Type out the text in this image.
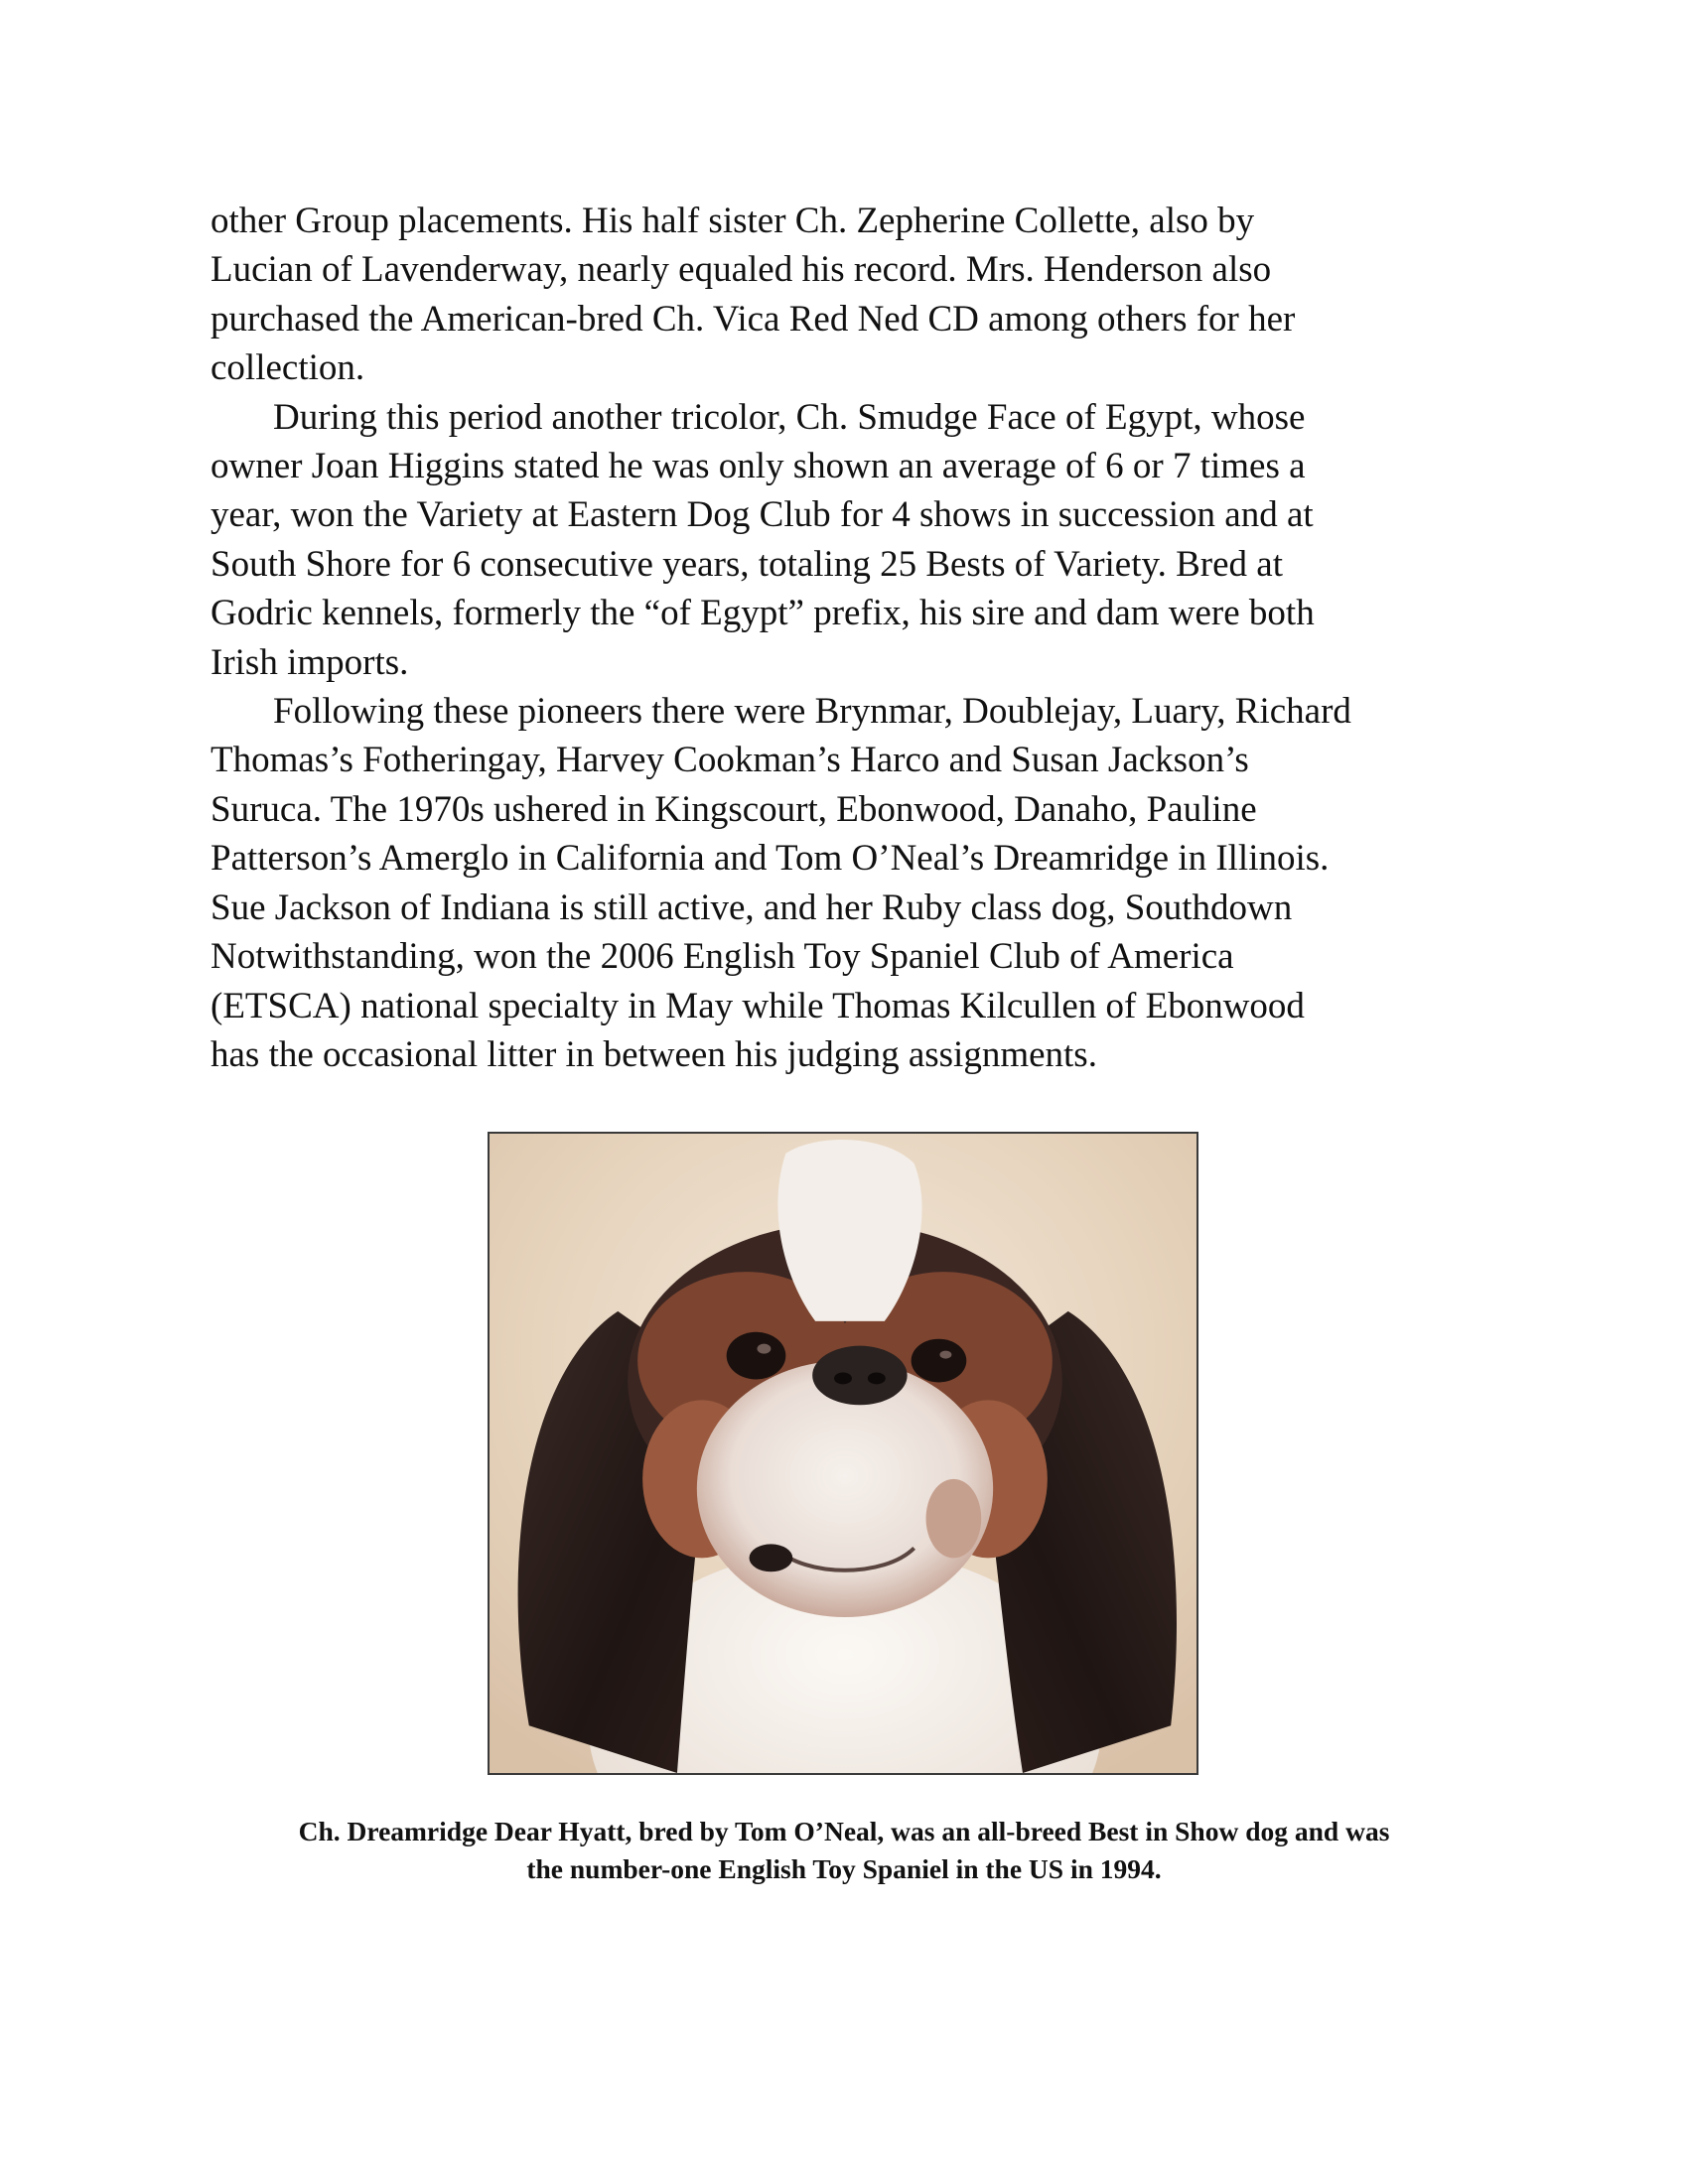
other Group placements. His half sister Ch. Zepherine Collette, also by
Lucian of Lavenderway, nearly equaled his record. Mrs. Henderson also
purchased the American-bred Ch. Vica Red Ned CD among others for her
collection.

During this period another tricolor, Ch. Smudge Face of Egypt, whose
owner Joan Higgins stated he was only shown an average of 6 or 7 times a
year, won the Variety at Eastern Dog Club for 4 shows in succession and at
South Shore for 6 consecutive years, totaling 25 Bests of Variety. Bred at
Godric kennels, formerly the “of Egypt” prefix, his sire and dam were both
Irish imports.

Following these pioneers there were Brynmar, Doublejay, Luary, Richard
Thomas’s Fotheringay, Harvey Cookman’s Harco and Susan Jackson’s
Suruca. The 1970s ushered in Kingscourt, Ebonwood, Danaho, Pauline
Patterson’s Amerglo in California and Tom O’Neal’s Dreamridge in Illinois.
Sue Jackson of Indiana is still active, and her Ruby class dog, Southdown
Notwithstanding, won the 2006 English Toy Spaniel Club of America
(ETSCA) national specialty in May while Thomas Kilcullen of Ebonwood
has the occasional litter in between his judging assignments.

Ch. Dreamridge Dear Hyatt, bred by Tom O’Neal, was an all-breed Best in Show dog and was
the number-one English Toy Spaniel in the US in 1994.
